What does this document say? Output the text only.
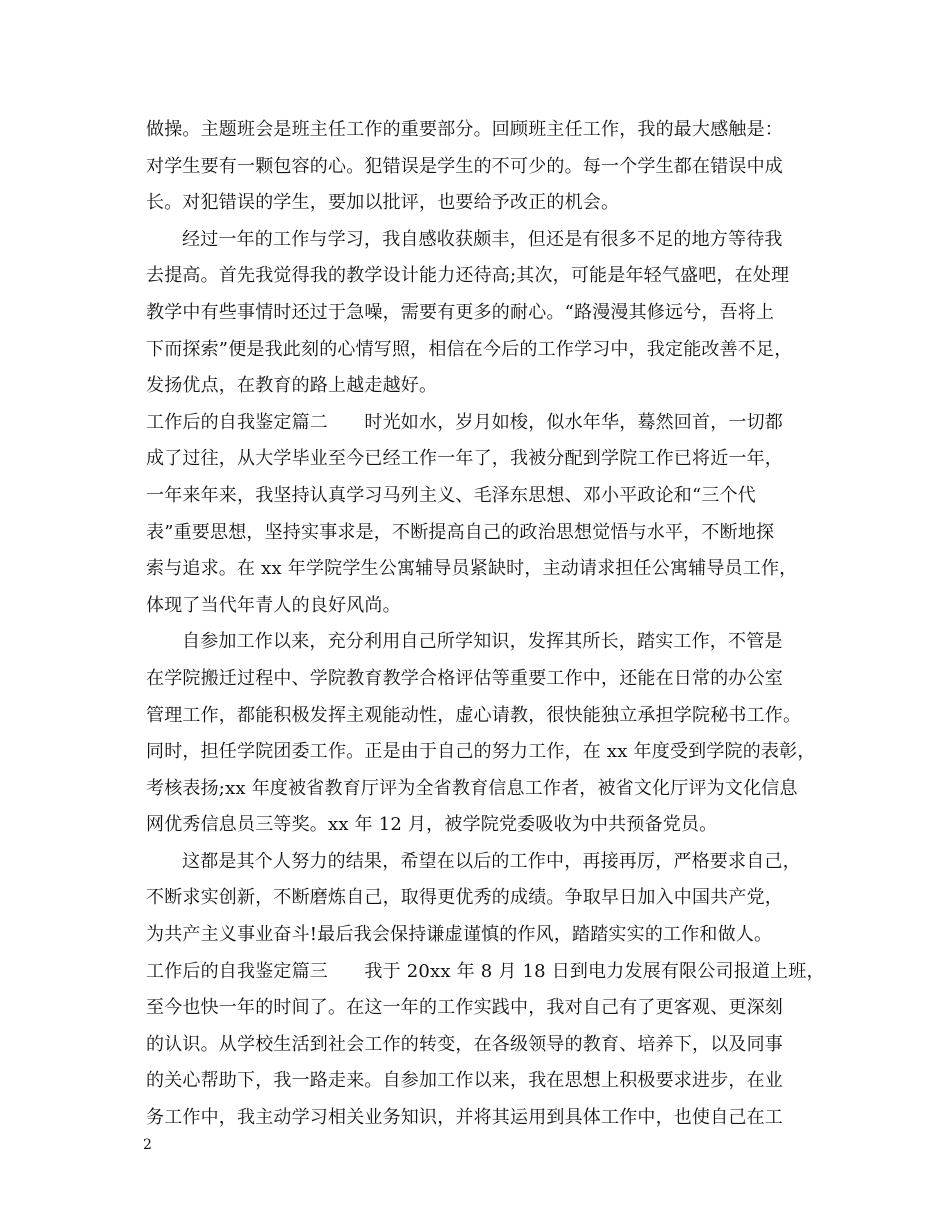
做操。主题班会是班主任工作的重要部分。回顾班主任工作，我的最大感触是：
对学生要有一颗包容的心。犯错误是学生的不可少的。每一个学生都在错误中成
长。对犯错误的学生，要加以批评，也要给予改正的机会。
经过一年的工作与学习，我自感收获颇丰，但还是有很多不足的地方等待我
去提高。首先我觉得我的教学设计能力还待高;其次，可能是年轻气盛吧，在处理
教学中有些事情时还过于急噪，需要有更多的耐心。“路漫漫其修远兮，吾将上
下而探索”便是我此刻的心情写照，相信在今后的工作学习中，我定能改善不足，
发扬优点，在教育的路上越走越好。
工作后的自我鉴定篇二　　时光如水，岁月如梭，似水年华，蓦然回首，一切都
成了过往，从大学毕业至今已经工作一年了，我被分配到学院工作已将近一年，
一年来年来，我坚持认真学习马列主义、毛泽东思想、邓小平政论和“三个代
表”重要思想，坚持实事求是，不断提高自己的政治思想觉悟与水平，不断地探
索与追求。在 xx 年学院学生公寓辅导员紧缺时，主动请求担任公寓辅导员工作，
体现了当代年青人的良好风尚。
自参加工作以来，充分利用自己所学知识，发挥其所长，踏实工作，不管是
在学院搬迁过程中、学院教育教学合格评估等重要工作中，还能在日常的办公室
管理工作，都能积极发挥主观能动性，虚心请教，很快能独立承担学院秘书工作。
同时，担任学院团委工作。正是由于自己的努力工作，在 xx 年度受到学院的表彰，
考核表扬;xx 年度被省教育厅评为全省教育信息工作者，被省文化厅评为文化信息
网优秀信息员三等奖。xx 年 12 月，被学院党委吸收为中共预备党员。
这都是其个人努力的结果，希望在以后的工作中，再接再厉，严格要求自己，
不断求实创新，不断磨炼自己，取得更优秀的成绩。争取早日加入中国共产党，
为共产主义事业奋斗!最后我会保持谦虚谨慎的作风，踏踏实实的工作和做人。
工作后的自我鉴定篇三　　我于 20xx 年 8 月 18 日到电力发展有限公司报道上班，
至今也快一年的时间了。在这一年的工作实践中，我对自己有了更客观、更深刻
的认识。从学校生活到社会工作的转变，在各级领导的教育、培养下，以及同事
的关心帮助下，我一路走来。自参加工作以来，我在思想上积极要求进步，在业
务工作中，我主动学习相关业务知识，并将其运用到具体工作中，也使自己在工
2
